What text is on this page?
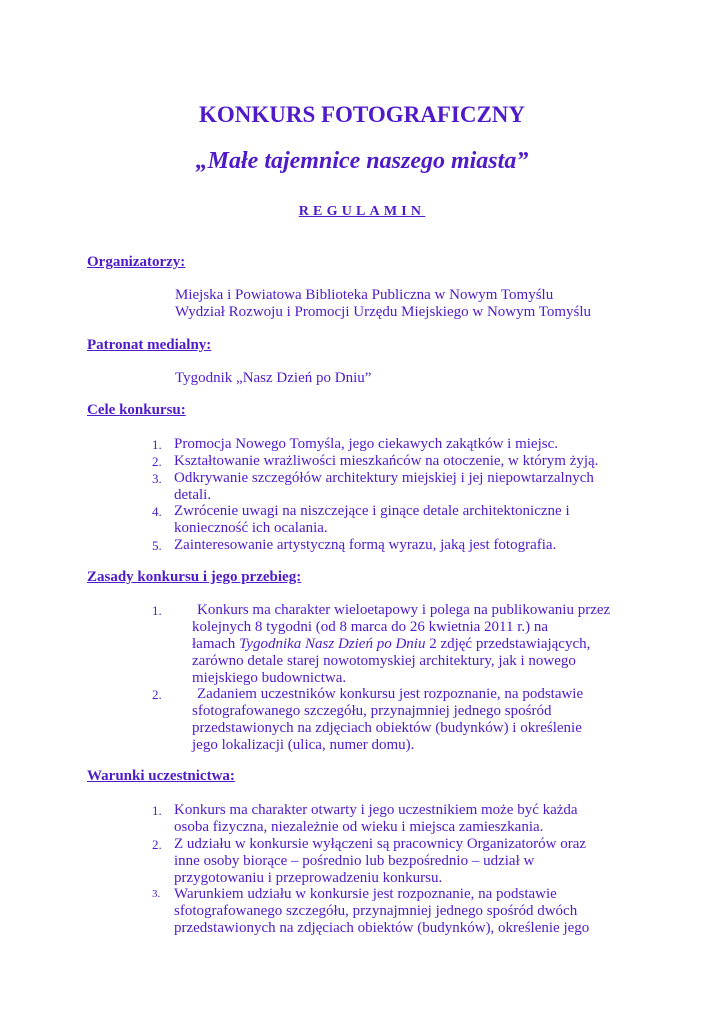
KONKURS FOTOGRAFICZNY
„Małe tajemnice naszego miasta”
REGULAMIN
Organizatorzy:
Miejska i Powiatowa Biblioteka Publiczna w Nowym Tomyślu
Wydział Rozwoju i Promocji Urzędu Miejskiego w Nowym Tomyślu
Patronat medialny:
Tygodnik „Nasz Dzień po Dniu”
Cele konkursu:
1. Promocja Nowego Tomyśla, jego ciekawych zakątków i miejsc.
2. Kształtowanie wrażliwości mieszkańców na otoczenie, w którym żyją.
3. Odkrywanie szczegółów architektury miejskiej i jej niepowtarzalnych
detali.
4. Zwrócenie uwagi na niszczejące i ginące detale architektoniczne i
konieczność ich ocalania.
5. Zainteresowanie artystyczną formą wyrazu, jaką jest fotografia.
Zasady konkursu i jego przebieg:
1. Konkurs ma charakter wieloetapowy i polega na publikowaniu przez
kolejnych 8 tygodni (od 8 marca do 26 kwietnia 2011 r.) na
łamach Tygodnika Nasz Dzień po Dniu 2 zdjęć przedstawiających,
zarówno detale starej nowotomyskiej architektury, jak i nowego
miejskiego budownictwa.
2. Zadaniem uczestników konkursu jest rozpoznanie, na podstawie
sfotografowanego szczegółu, przynajmniej jednego spośród
przedstawionych na zdjęciach obiektów (budynków) i określenie
jego lokalizacji (ulica, numer domu).
Warunki uczestnictwa:
1. Konkurs ma charakter otwarty i jego uczestnikiem może być każda
osoba fizyczna, niezależnie od wieku i miejsca zamieszkania.
2. Z udziału w konkursie wyłączeni są pracownicy Organizatorów oraz
inne osoby biorące – pośrednio lub bezpośrednio – udział w
przygotowaniu i przeprowadzeniu konkursu.
3. Warunkiem udziału w konkursie jest rozpoznanie, na podstawie
sfotografowanego szczegółu, przynajmniej jednego spośród dwóch
przedstawionych na zdjęciach obiektów (budynków), określenie jego
